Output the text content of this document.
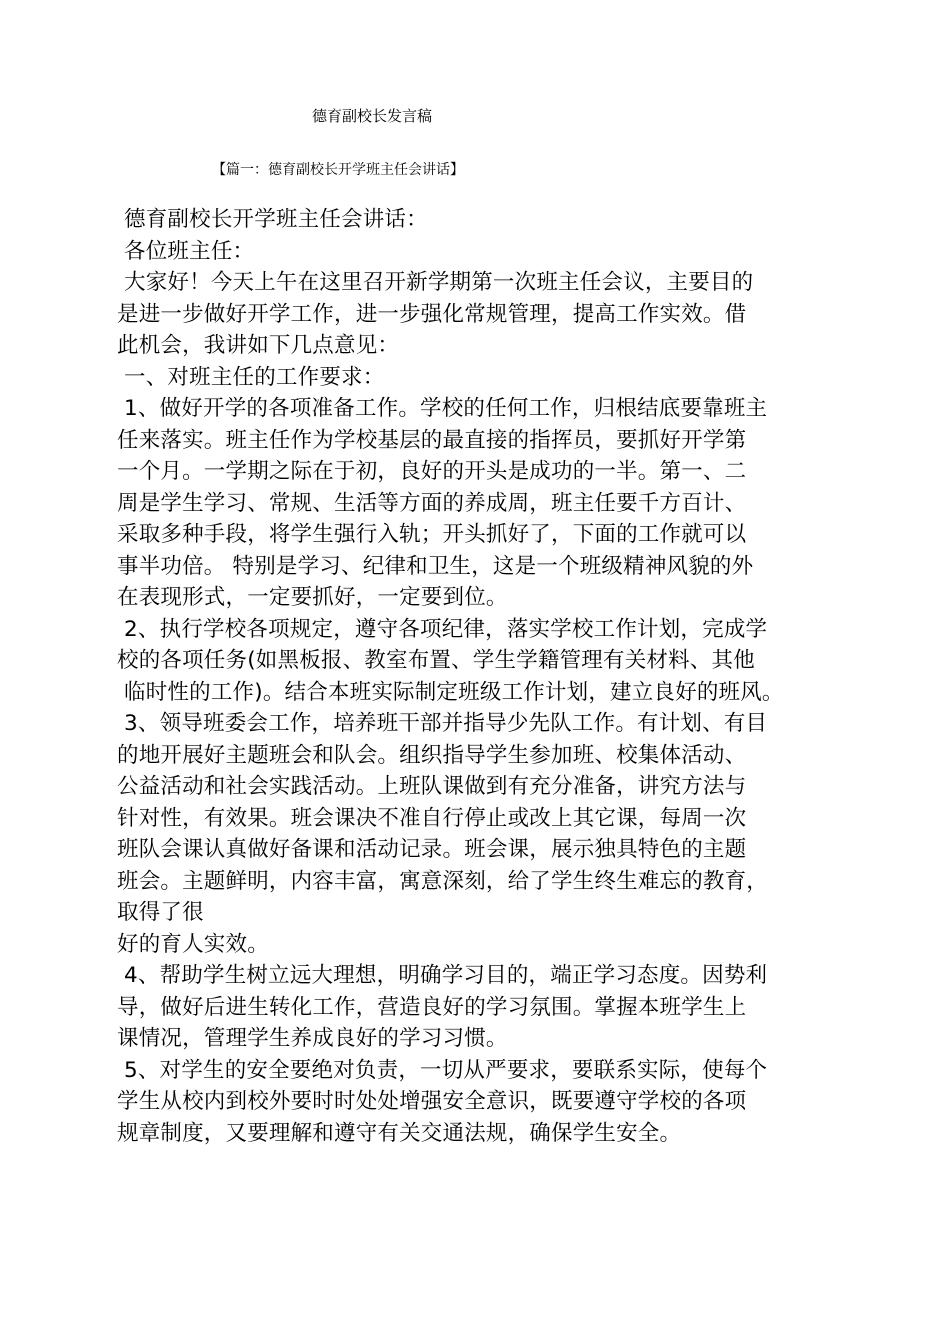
德育副校长发言稿
【篇一：德育副校长开学班主任会讲话】
德育副校长开学班主任会讲话：
各位班主任：
大家好！今天上午在这里召开新学期第一次班主任会议，主要目的
是进一步做好开学工作，进一步强化常规管理，提高工作实效。借
此机会，我讲如下几点意见：
一、对班主任的工作要求：
1、做好开学的各项准备工作。学校的任何工作，归根结底要靠班主
任来落实。班主任作为学校基层的最直接的指挥员，要抓好开学第
一个月。一学期之际在于初，良好的开头是成功的一半。第一、二
周是学生学习、常规、生活等方面的养成周，班主任要千方百计、
采取多种手段，将学生强行入轨；开头抓好了，下面的工作就可以
事半功倍。 特别是学习、纪律和卫生，这是一个班级精神风貌的外
在表现形式，一定要抓好，一定要到位。
2、执行学校各项规定，遵守各项纪律，落实学校工作计划，完成学
校的各项任务(如黑板报、教室布置、学生学籍管理有关材料、其他
临时性的工作)。结合本班实际制定班级工作计划，建立良好的班风。
3、领导班委会工作，培养班干部并指导少先队工作。有计划、有目
的地开展好主题班会和队会。组织指导学生参加班、校集体活动、
公益活动和社会实践活动。上班队课做到有充分准备，讲究方法与
针对性，有效果。班会课决不准自行停止或改上其它课，每周一次
班队会课认真做好备课和活动记录。班会课，展示独具特色的主题
班会。主题鲜明，内容丰富，寓意深刻，给了学生终生难忘的教育，
取得了很
好的育人实效。
4、帮助学生树立远大理想，明确学习目的，端正学习态度。因势利
导，做好后进生转化工作，营造良好的学习氛围。掌握本班学生上
课情况，管理学生养成良好的学习习惯。
5、对学生的安全要绝对负责，一切从严要求，要联系实际，使每个
学生从校内到校外要时时处处增强安全意识，既要遵守学校的各项
规章制度，又要理解和遵守有关交通法规，确保学生安全。
